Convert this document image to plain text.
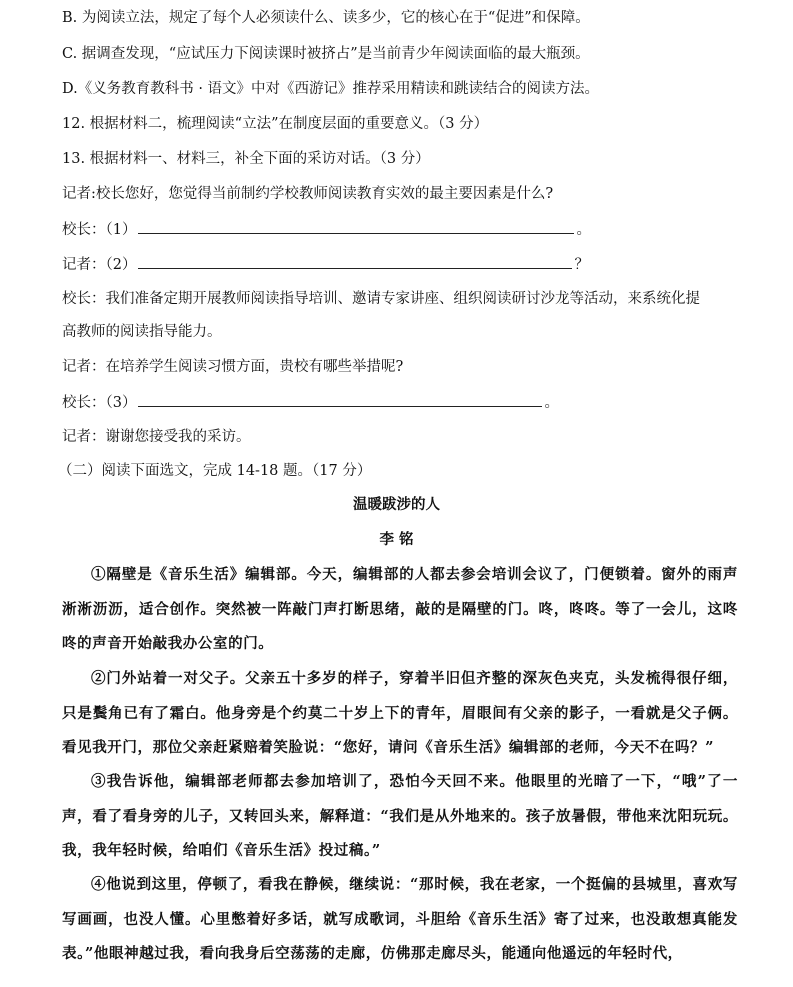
B. 为阅读立法，规定了每个人必须读什么、读多少，它的核心在于“促进”和保障。
C. 据调查发现，“应试压力下阅读课时被挤占”是当前青少年阅读面临的最大瓶颈。
D.《义务教育教科书 · 语文》中对《西游记》推荐采用精读和跳读结合的阅读方法。
12. 根据材料二，梳理阅读“立法”在制度层面的重要意义。（3 分）
13. 根据材料一、材料三，补全下面的采访对话。（3 分）
记者:校长您好，您觉得当前制约学校教师阅读教育实效的最主要因素是什么?
校长：（1）	。
记者：（2）	？
校长：我们准备定期开展教师阅读指导培训、邀请专家讲座、组织阅读研讨沙龙等活动，来系统化提
高教师的阅读指导能力。
记者：在培养学生阅读习惯方面，贵校有哪些举措呢?
校长：（3）	。
记者：谢谢您接受我的采访。
（二）阅读下面选文，完成 14-18 题。（17 分）
温暖跋涉的人
李 铭
①隔壁是《音乐生活》编辑部。今天，编辑部的人都去参会培训会议了，门便锁着。窗外的雨声淅淅沥沥，适合创作。突然被一阵敲门声打断思绪，敲的是隔壁的门。咚，咚咚。等了一会儿，这咚咚的声音开始敲我办公室的门。
②门外站着一对父子。父亲五十多岁的样子，穿着半旧但齐整的深灰色夹克，头发梳得很仔细，只是鬓角已有了霜白。他身旁是个约莫二十岁上下的青年，眉眼间有父亲的影子，一看就是父子俩。看见我开门，那位父亲赶紧赔着笑脸说：“您好，请问《音乐生活》编辑部的老师，今天不在吗？”
③我告诉他，编辑部老师都去参加培训了，恐怕今天回不来。他眼里的光暗了一下，“哦”了一声，看了看身旁的儿子，又转回头来，解释道：“我们是从外地来的。孩子放暑假，带他来沈阳玩玩。我，我年轻时候，给咱们《音乐生活》投过稿。”
④他说到这里，停顿了，看我在静候，继续说：“那时候，我在老家，一个挺偏的县城里，喜欢写写画画，也没人懂。心里憋着好多话，就写成歌词，斗胆给《音乐生活》寄了过来，也没敢想真能发表。”他眼神越过我，看向我身后空荡荡的走廊，仿佛那走廊尽头，能通向他遥远的年轻时代，
